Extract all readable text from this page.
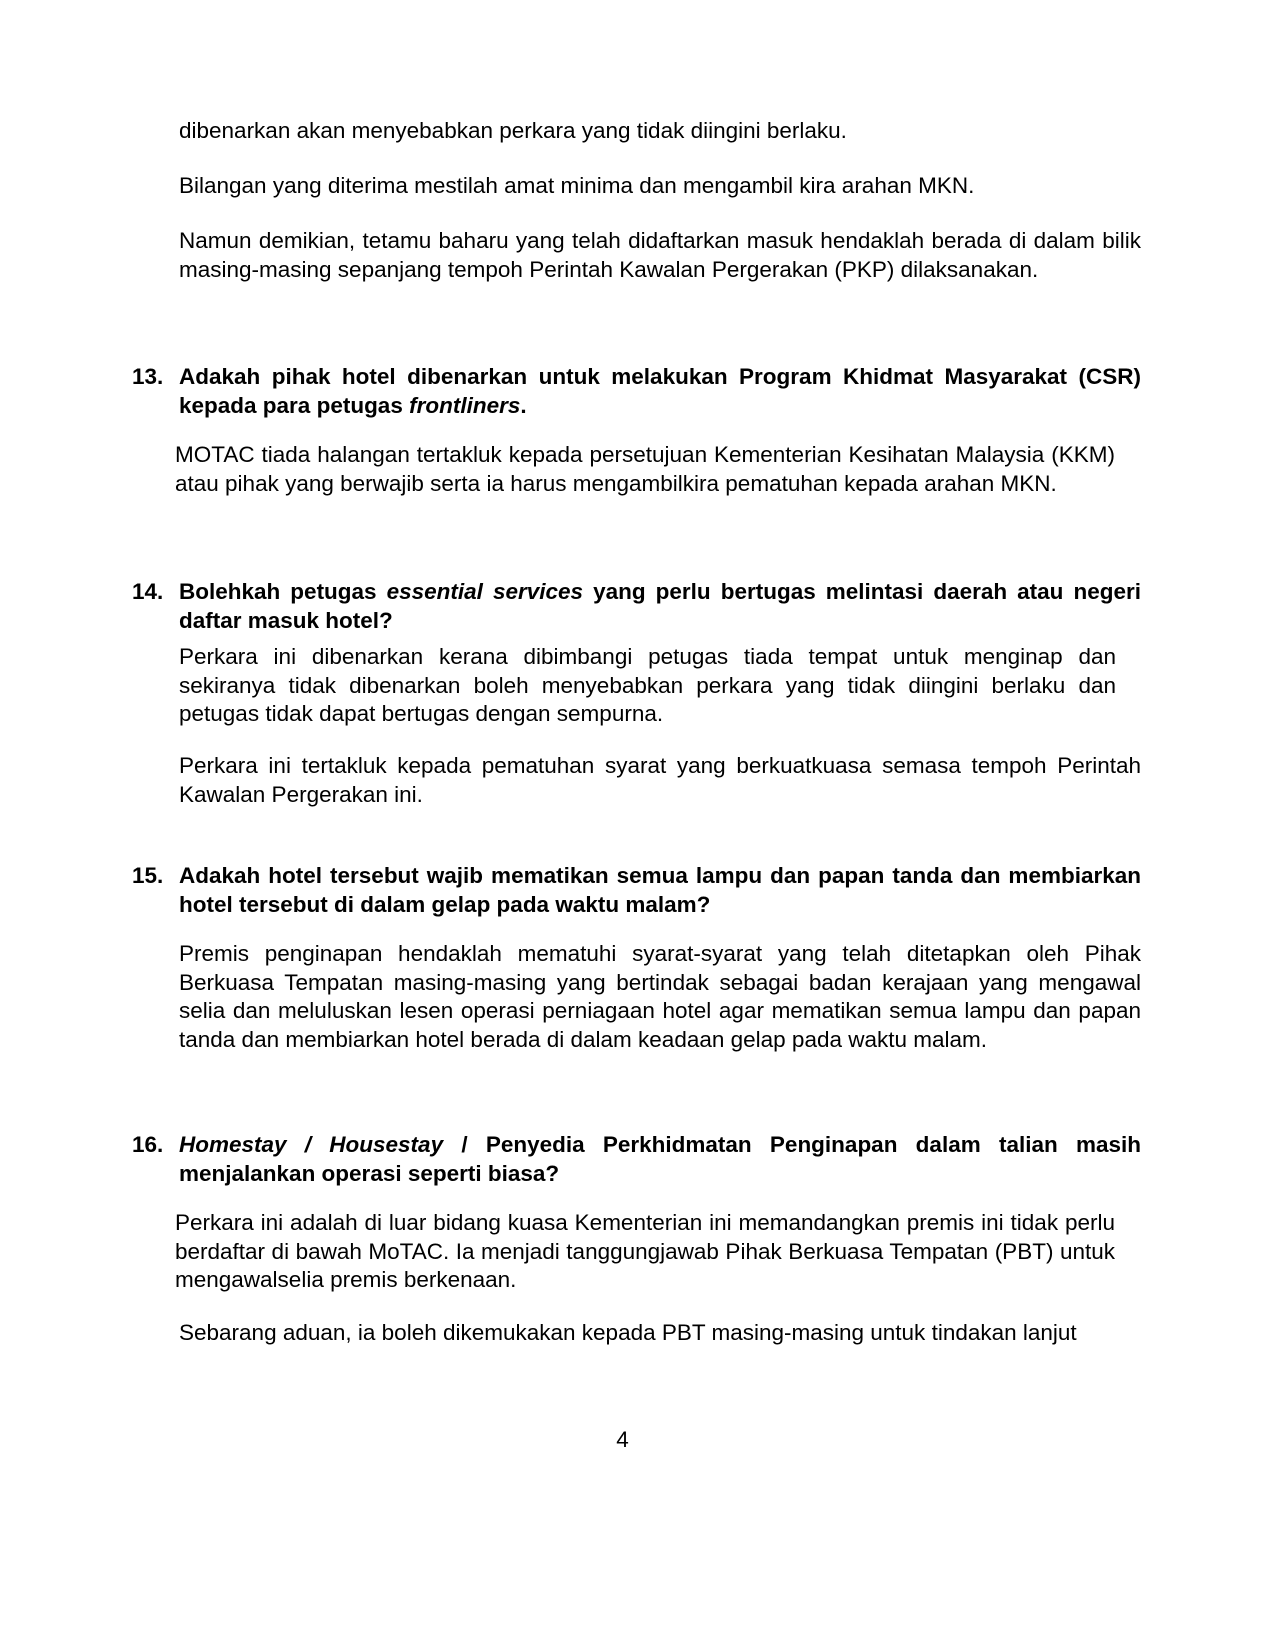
dibenarkan akan menyebabkan perkara yang tidak diingini berlaku.

Bilangan yang diterima mestilah amat minima dan mengambil kira arahan MKN.

Namun demikian, tetamu baharu yang telah didaftarkan masuk hendaklah berada di dalam bilik masing-masing sepanjang tempoh Perintah Kawalan Pergerakan (PKP) dilaksanakan.

13. Adakah pihak hotel dibenarkan untuk melakukan Program Khidmat Masyarakat (CSR) kepada para petugas frontliners.

MOTAC tiada halangan tertakluk kepada persetujuan Kementerian Kesihatan Malaysia (KKM) atau pihak yang berwajib serta ia harus mengambilkira pematuhan kepada arahan MKN.

14. Bolehkah petugas essential services yang perlu bertugas melintasi daerah atau negeri daftar masuk hotel?

Perkara ini dibenarkan kerana dibimbangi petugas tiada tempat untuk menginap dan sekiranya tidak dibenarkan boleh menyebabkan perkara yang tidak diingini berlaku dan petugas tidak dapat bertugas dengan sempurna.

Perkara ini tertakluk kepada pematuhan syarat yang berkuatkuasa semasa tempoh Perintah Kawalan Pergerakan ini.

15. Adakah hotel tersebut wajib mematikan semua lampu dan papan tanda dan membiarkan hotel tersebut di dalam gelap pada waktu malam?

Premis penginapan hendaklah mematuhi syarat-syarat yang telah ditetapkan oleh Pihak Berkuasa Tempatan masing-masing yang bertindak sebagai badan kerajaan yang mengawal selia dan meluluskan lesen operasi perniagaan hotel agar mematikan semua lampu dan papan tanda dan membiarkan hotel berada di dalam keadaan gelap pada waktu malam.

16. Homestay / Housestay / Penyedia Perkhidmatan Penginapan dalam talian masih menjalankan operasi seperti biasa?

Perkara ini adalah di luar bidang kuasa Kementerian ini memandangkan premis ini tidak perlu berdaftar di bawah MoTAC. Ia menjadi tanggungjawab Pihak Berkuasa Tempatan (PBT) untuk mengawalselia premis berkenaan.

Sebarang aduan, ia boleh dikemukakan kepada PBT masing-masing untuk tindakan lanjut

4
